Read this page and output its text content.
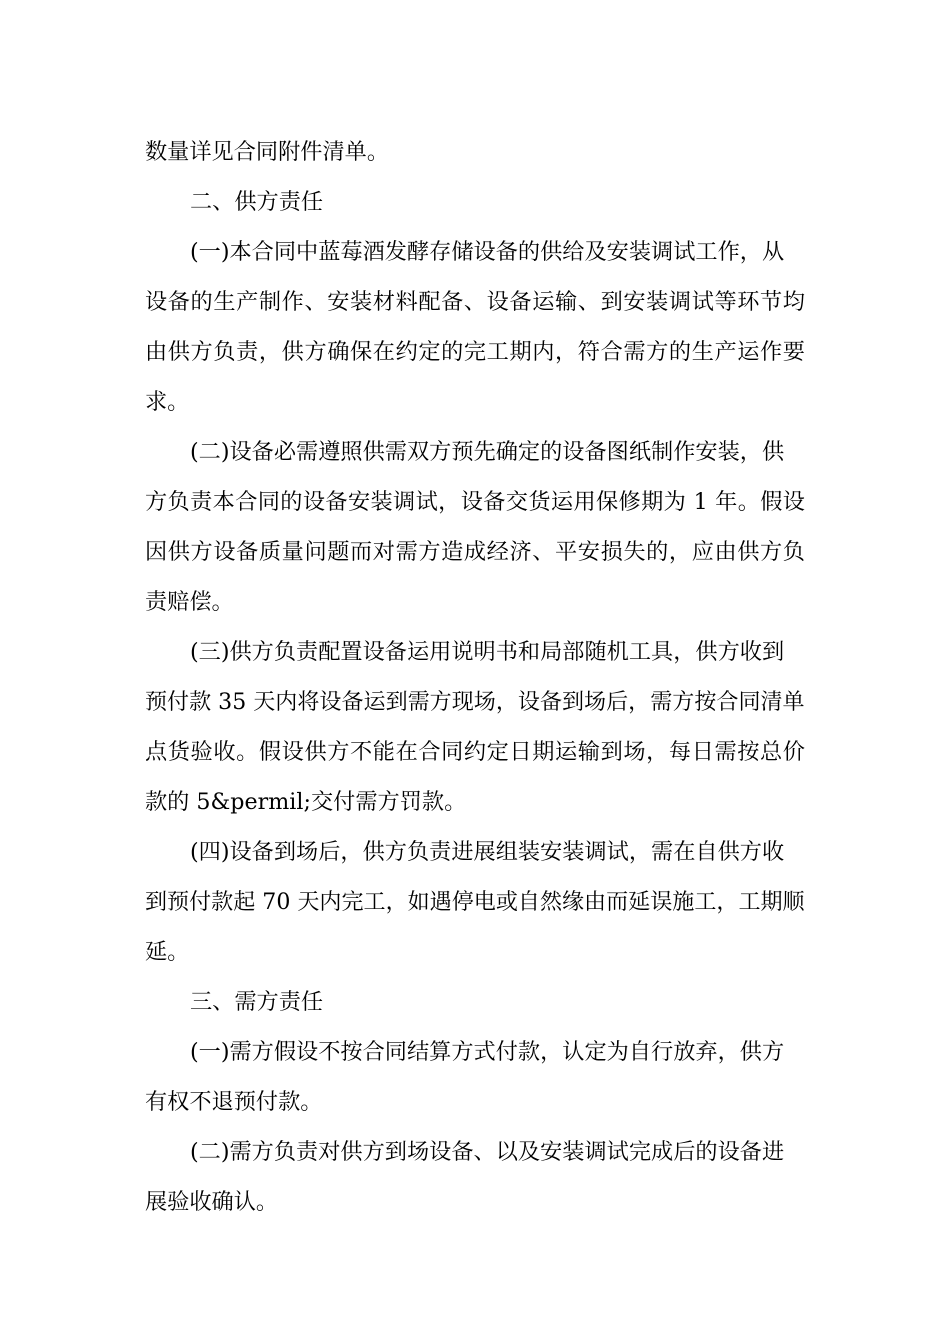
数量详见合同附件清单。
二、供方责任
(一)本合同中蓝莓酒发酵存储设备的供给及安装调试工作，从
设备的生产制作、安装材料配备、设备运输、到安装调试等环节均
由供方负责，供方确保在约定的完工期内，符合需方的生产运作要
求。
(二)设备必需遵照供需双方预先确定的设备图纸制作安装，供
方负责本合同的设备安装调试，设备交货运用保修期为 1 年。假设
因供方设备质量问题而对需方造成经济、平安损失的，应由供方负
责赔偿。
(三)供方负责配置设备运用说明书和局部随机工具，供方收到
预付款 35 天内将设备运到需方现场，设备到场后，需方按合同清单
点货验收。假设供方不能在合同约定日期运输到场，每日需按总价
款的 5&permil;交付需方罚款。
(四)设备到场后，供方负责进展组装安装调试，需在自供方收
到预付款起 70 天内完工，如遇停电或自然缘由而延误施工，工期顺
延。
三、需方责任
(一)需方假设不按合同结算方式付款，认定为自行放弃，供方
有权不退预付款。
(二)需方负责对供方到场设备、以及安装调试完成后的设备进
展验收确认。
